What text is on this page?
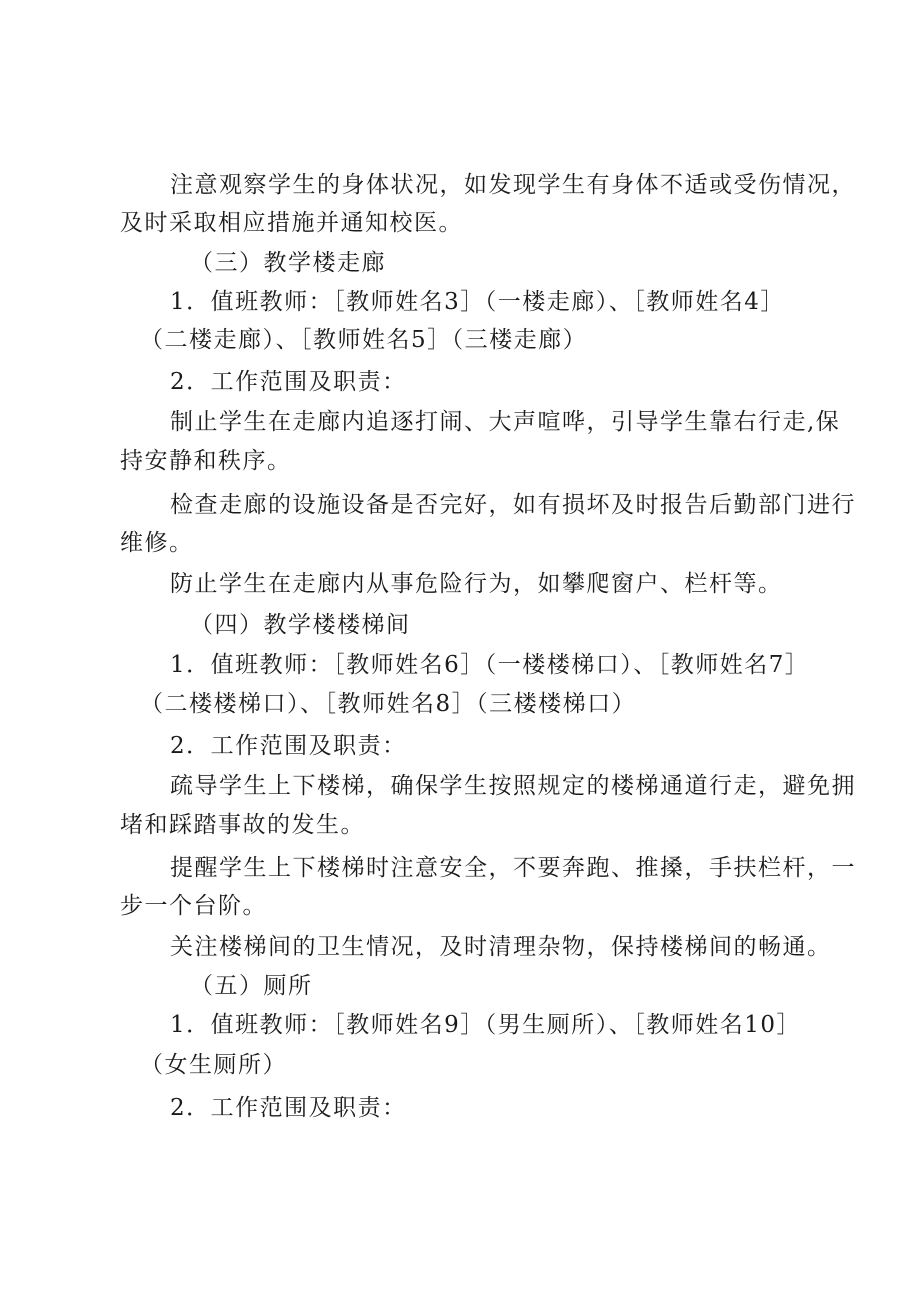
注意观察学生的身体状况，如发现学生有身体不适或受伤情况，
及时采取相应措施并通知校医。
（三）教学楼走廊
1．值班教师：［教师姓名3］（一楼走廊）、［教师姓名4］
（二楼走廊）、［教师姓名5］（三楼走廊）
2．工作范围及职责：
制止学生在走廊内追逐打闹、大声喧哗，引导学生靠右行走,保
持安静和秩序。
检查走廊的设施设备是否完好，如有损坏及时报告后勤部门进行
维修。
防止学生在走廊内从事危险行为，如攀爬窗户、栏杆等。
（四）教学楼楼梯间
1．值班教师：［教师姓名6］（一楼楼梯口）、［教师姓名7］
（二楼楼梯口）、［教师姓名8］（三楼楼梯口）
2．工作范围及职责：
疏导学生上下楼梯，确保学生按照规定的楼梯通道行走，避免拥
堵和踩踏事故的发生。
提醒学生上下楼梯时注意安全，不要奔跑、推搡，手扶栏杆，一
步一个台阶。
关注楼梯间的卫生情况，及时清理杂物，保持楼梯间的畅通。
（五）厕所
1．值班教师：［教师姓名9］（男生厕所）、［教师姓名10］
（女生厕所）
2．工作范围及职责：
